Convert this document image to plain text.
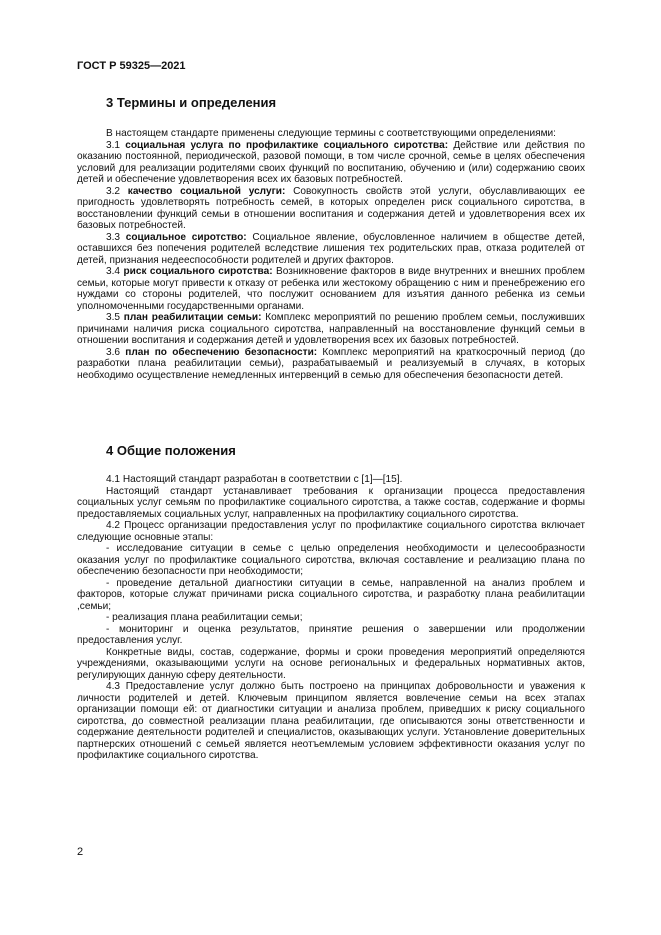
ГОСТ Р 59325—2021
3 Термины и определения

В настоящем стандарте применены следующие термины с соответствующими определениями:

3.1 социальная услуга по профилактике социального сиротства: Действие или действия по оказанию постоянной, периодической, разовой помощи, в том числе срочной, семье в целях обеспечения условий для реализации родителями своих функций по воспитанию, обучению и (или) содержанию своих детей и обеспечение удовлетворения всех их базовых потребностей.

3.2 качество социальной услуги: Совокупность свойств этой услуги, обуславливающих ее пригодность удовлетворять потребность семей, в которых определен риск социального сиротства, в восстановлении функций семьи в отношении воспитания и содержания детей и удовлетворения всех их базовых потребностей.

3.3 социальное сиротство: Социальное явление, обусловленное наличием в обществе детей, оставшихся без попечения родителей вследствие лишения тех родительских прав, отказа родителей от детей, признания недееспособности родителей и других факторов.

3.4 риск социального сиротства: Возникновение факторов в виде внутренних и внешних проблем семьи, которые могут привести к отказу от ребенка или жестокому обращению с ним и пренебрежению его нуждами со стороны родителей, что послужит основанием для изъятия данного ребенка из семьи уполномоченными государственными органами.

3.5 план реабилитации семьи: Комплекс мероприятий по решению проблем семьи, послуживших причинами наличия риска социального сиротства, направленный на восстановление функций семьи в отношении воспитания и содержания детей и удовлетворения всех их базовых потребностей.

3.6 план по обеспечению безопасности: Комплекс мероприятий на краткосрочный период (до разработки плана реабилитации семьи), разрабатываемый и реализуемый в случаях, в которых необходимо осуществление немедленных интервенций в семью для обеспечения безопасности детей.

4 Общие положения

4.1 Настоящий стандарт разработан в соответствии с [1]—[15].

Настоящий стандарт устанавливает требования к организации процесса предоставления социальных услуг семьям по профилактике социального сиротства, а также состав, содержание и формы предоставляемых социальных услуг, направленных на профилактику социального сиротства.

4.2 Процесс организации предоставления услуг по профилактике социального сиротства включает следующие основные этапы:

- исследование ситуации в семье с целью определения необходимости и целесообразности оказания услуг по профилактике социального сиротства, включая составление и реализацию плана по обеспечению безопасности при необходимости;

- проведение детальной диагностики ситуации в семье, направленной на анализ проблем и факторов, которые служат причинами риска социального сиротства, и разработку плана реабилитации ,семьи;

- реализация плана реабилитации семьи;

- мониторинг и оценка результатов, принятие решения о завершении или продолжении предоставления услуг.

Конкретные виды, состав, содержание, формы и сроки проведения мероприятий определяются учреждениями, оказывающими услуги на основе региональных и федеральных нормативных актов, регулирующих данную сферу деятельности.

4.3 Предоставление услуг должно быть построено на принципах добровольности и уважения к личности родителей и детей. Ключевым принципом является вовлечение семьи на всех этапах организации помощи ей: от диагностики ситуации и анализа проблем, приведших к риску социального сиротства, до совместной реализации плана реабилитации, где описываются зоны ответственности и содержание деятельности родителей и специалистов, оказывающих услуги. Установление доверительных партнерских отношений с семьей является неотъемлемым условием эффективности оказания услуг по профилактике социального сиротства.

2
